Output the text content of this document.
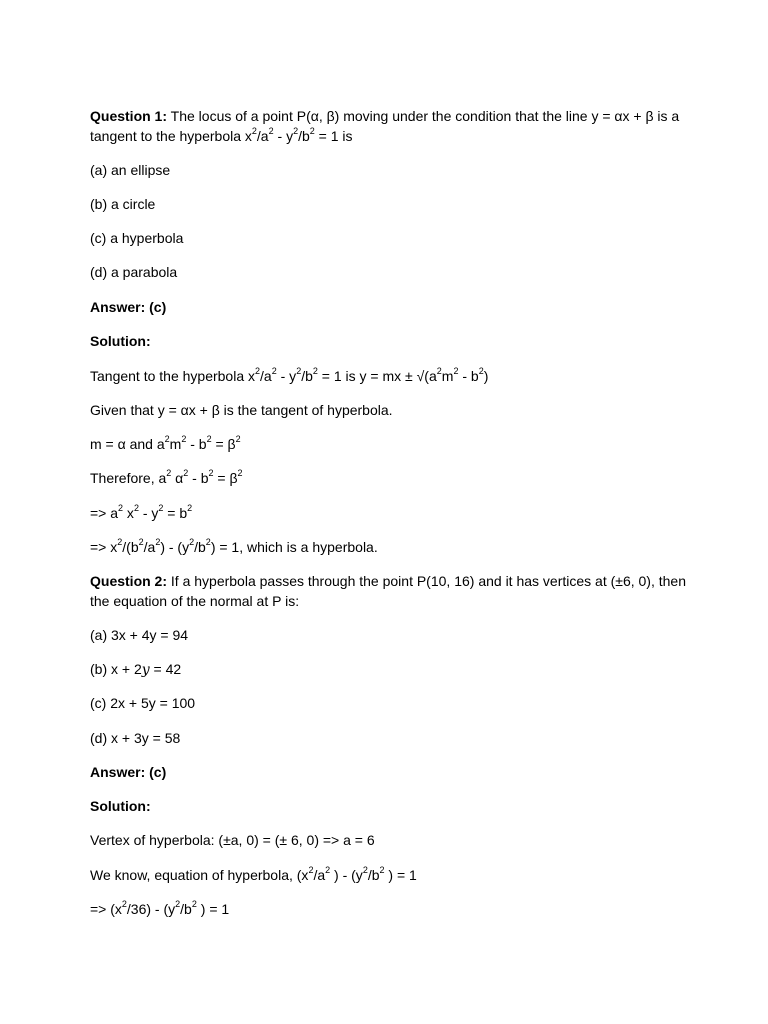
Question 1: The locus of a point P(α, β) moving under the condition that the line y = αx + β is a
tangent to the hyperbola $x^2/a^2 - y^2/b^2 = 1$ is
(a) an ellipse
(b) a circle
(c) a hyperbola
(d) a parabola
Answer: (c)
Solution:
Tangent to the hyperbola $x^2/a^2 - y^2/b^2 = 1$ is y = mx ± $√(a^2m^2 - b^2)$
Given that y = αx + β is the tangent of hyperbola.
m = α and $a^2m^2 - b^2 = \beta^2$
Therefore, $a^2$ $\alpha^2 - b^2 = \beta^2$
=> $a^2$ $x^2 - y^2 = b^2$
=> $x^2/(b^2/a^2) - (y^2/b^2) = 1$, which is a hyperbola.
Question 2: If a hyperbola passes through the point P(10, 16) and it has vertices at (±6, 0), then
the equation of the normal at P is:
(a) 3x + 4y = 94
(b) x + 2y = 42
(c) 2x + 5y = 100
(d) x + 3y = 58
Answer: (c)
Solution:
Vertex of hyperbola: (±a, 0) = (± 6, 0) => a = 6
We know, equation of hyperbola, ($x^2/a^2$ ) - ($y^2/b^2$ ) = 1
=> $(x^2/36) - (y^2/b^2$ ) = 1
